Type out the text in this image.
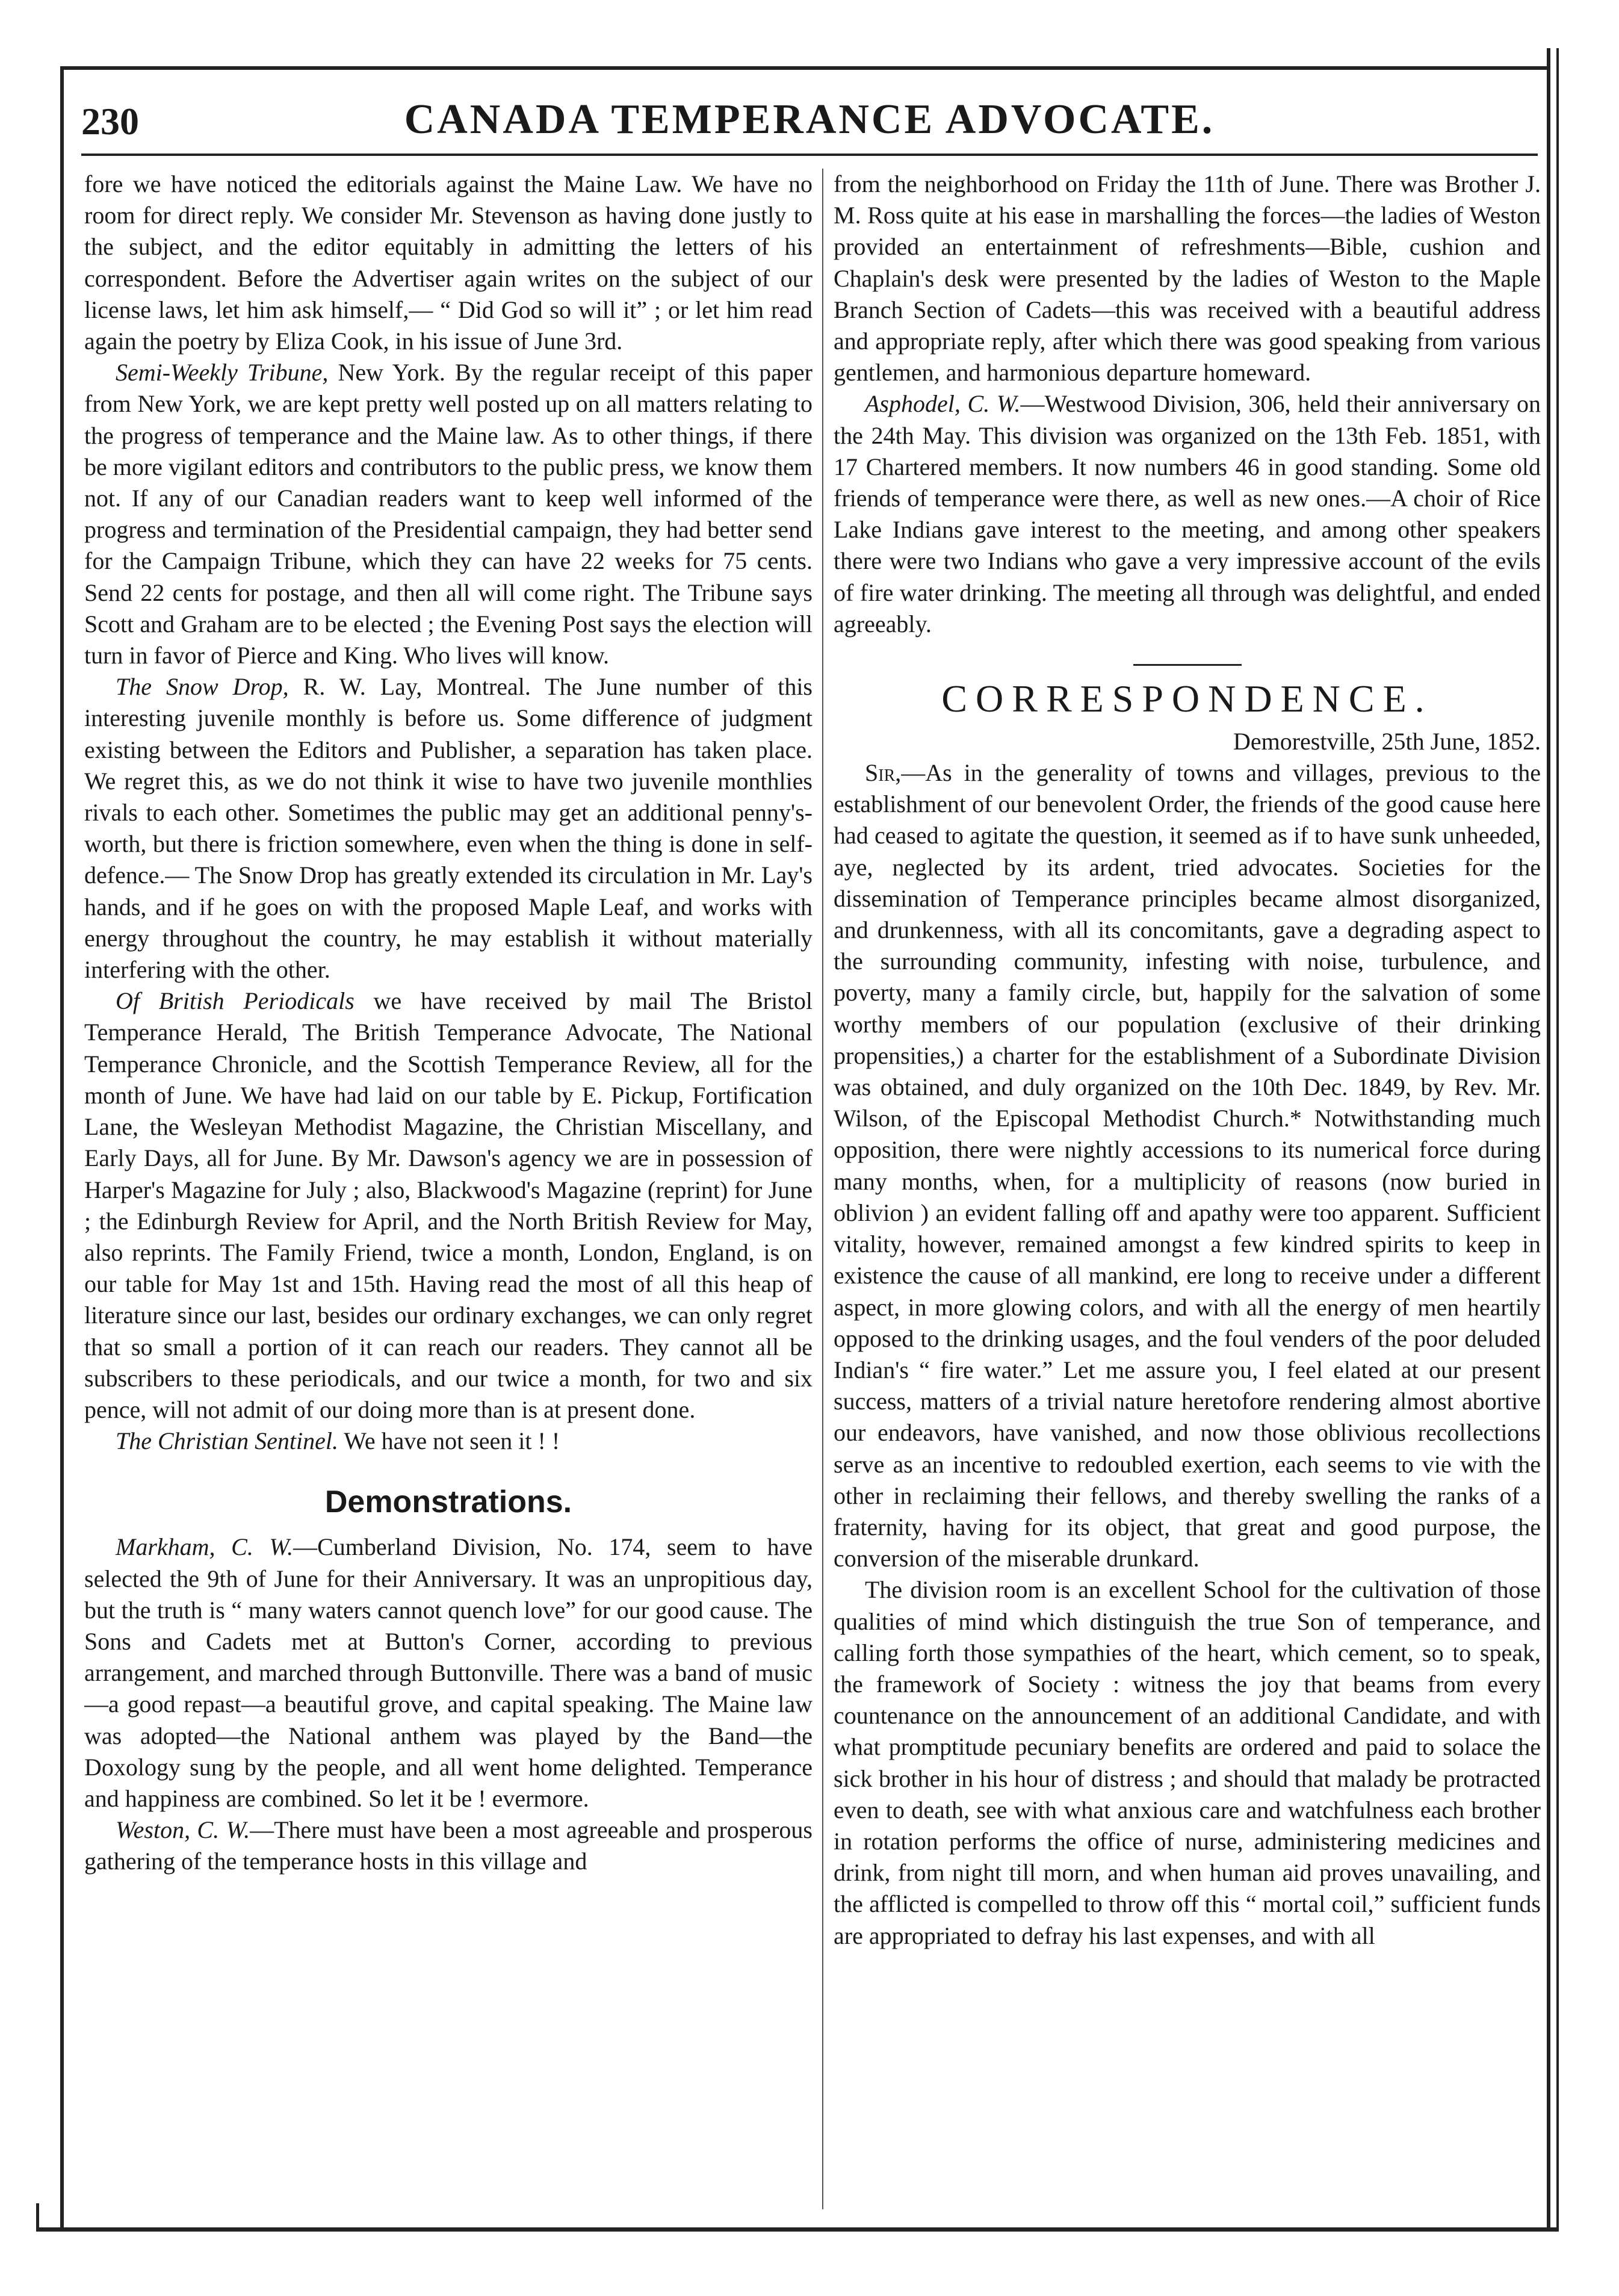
230	CANADA TEMPERANCE ADVOCATE.

fore we have noticed the editorials against the Maine Law. We have no room for direct reply. We consider Mr. Stevenson as having done justly to the subject, and the editor equitably in admitting the letters of his correspondent. Before the Advertiser again writes on the subject of our license laws, let him ask himself,— “ Did God so will it” ; or let him read again the poetry by Eliza Cook, in his issue of June 3rd.

Semi-Weekly Tribune, New York. By the regular receipt of this paper from New York, we are kept pretty well posted up on all matters relating to the progress of temperance and the Maine law. As to other things, if there be more vigilant editors and contributors to the public press, we know them not. If any of our Canadian readers want to keep well informed of the progress and termination of the Presidential campaign, they had better send for the Campaign Tribune, which they can have 22 weeks for 75 cents. Send 22 cents for postage, and then all will come right. The Tribune says Scott and Graham are to be elected ; the Evening Post says the election will turn in favor of Pierce and King. Who lives will know.

The Snow Drop, R. W. Lay, Montreal. The June number of this interesting juvenile monthly is before us. Some difference of judgment existing between the Editors and Publisher, a separation has taken place. We regret this, as we do not think it wise to have two juvenile monthlies rivals to each other. Sometimes the public may get an additional penny's-worth, but there is friction somewhere, even when the thing is done in self-defence.— The Snow Drop has greatly extended its circulation in Mr. Lay's hands, and if he goes on with the proposed Maple Leaf, and works with energy throughout the country, he may establish it without materially interfering with the other.

Of British Periodicals we have received by mail The Bristol Temperance Herald, The British Temperance Advocate, The National Temperance Chronicle, and the Scottish Temperance Review, all for the month of June. We have had laid on our table by E. Pickup, Fortification Lane, the Wesleyan Methodist Magazine, the Christian Miscellany, and Early Days, all for June. By Mr. Dawson's agency we are in possession of Harper's Magazine for July ; also, Blackwood's Magazine (reprint) for June ; the Edinburgh Review for April, and the North British Review for May, also reprints. The Family Friend, twice a month, London, England, is on our table for May 1st and 15th. Having read the most of all this heap of literature since our last, besides our ordinary exchanges, we can only regret that so small a portion of it can reach our readers. They cannot all be subscribers to these periodicals, and our twice a month, for two and six pence, will not admit of our doing more than is at present done.

The Christian Sentinel. We have not seen it ! !

Demonstrations.

Markham, C. W.—Cumberland Division, No. 174, seem to have selected the 9th of June for their Anniversary. It was an unpropitious day, but the truth is “ many waters cannot quench love” for our good cause. The Sons and Cadets met at Button's Corner, according to previous arrangement, and marched through Buttonville. There was a band of music—a good repast—a beautiful grove, and capital speaking. The Maine law was adopted—the National anthem was played by the Band—the Doxology sung by the people, and all went home delighted. Temperance and happiness are combined. So let it be ! evermore.

Weston, C. W.—There must have been a most agreeable and prosperous gathering of the temperance hosts in this village and

from the neighborhood on Friday the 11th of June. There was Brother J. M. Ross quite at his ease in marshalling the forces—the ladies of Weston provided an entertainment of refreshments—Bible, cushion and Chaplain's desk were presented by the ladies of Weston to the Maple Branch Section of Cadets—this was received with a beautiful address and appropriate reply, after which there was good speaking from various gentlemen, and harmonious departure homeward.

Asphodel, C. W.—Westwood Division, 306, held their anniversary on the 24th May. This division was organized on the 13th Feb. 1851, with 17 Chartered members. It now numbers 46 in good standing. Some old friends of temperance were there, as well as new ones.—A choir of Rice Lake Indians gave interest to the meeting, and among other speakers there were two Indians who gave a very impressive account of the evils of fire water drinking. The meeting all through was delightful, and ended agreeably.

CORRESPONDENCE.
Demorestville, 25th June, 1852.

Sir,—As in the generality of towns and villages, previous to the establishment of our benevolent Order, the friends of the good cause here had ceased to agitate the question, it seemed as if to have sunk unheeded, aye, neglected by its ardent, tried advocates. Societies for the dissemination of Temperance principles became almost disorganized, and drunkenness, with all its concomitants, gave a degrading aspect to the surrounding community, infesting with noise, turbulence, and poverty, many a family circle, but, happily for the salvation of some worthy members of our population (exclusive of their drinking propensities,) a charter for the establishment of a Subordinate Division was obtained, and duly organized on the 10th Dec. 1849, by Rev. Mr. Wilson, of the Episcopal Methodist Church.* Notwithstanding much opposition, there were nightly accessions to its numerical force during many months, when, for a multiplicity of reasons (now buried in oblivion ) an evident falling off and apathy were too apparent. Sufficient vitality, however, remained amongst a few kindred spirits to keep in existence the cause of all mankind, ere long to receive under a different aspect, in more glowing colors, and with all the energy of men heartily opposed to the drinking usages, and the foul venders of the poor deluded Indian's “ fire water.” Let me assure you, I feel elated at our present success, matters of a trivial nature heretofore rendering almost abortive our endeavors, have vanished, and now those oblivious recollections serve as an incentive to redoubled exertion, each seems to vie with the other in reclaiming their fellows, and thereby swelling the ranks of a fraternity, having for its object, that great and good purpose, the conversion of the miserable drunkard.

The division room is an excellent School for the cultivation of those qualities of mind which distinguish the true Son of temperance, and calling forth those sympathies of the heart, which cement, so to speak, the framework of Society : witness the joy that beams from every countenance on the announcement of an additional Candidate, and with what promptitude pecuniary benefits are ordered and paid to solace the sick brother in his hour of distress ; and should that malady be protracted even to death, see with what anxious care and watchfulness each brother in rotation performs the office of nurse, administering medicines and drink, from night till morn, and when human aid proves unavailing, and the afflicted is compelled to throw off this “ mortal coil,” sufficient funds are appropriated to defray his last expenses, and with all
